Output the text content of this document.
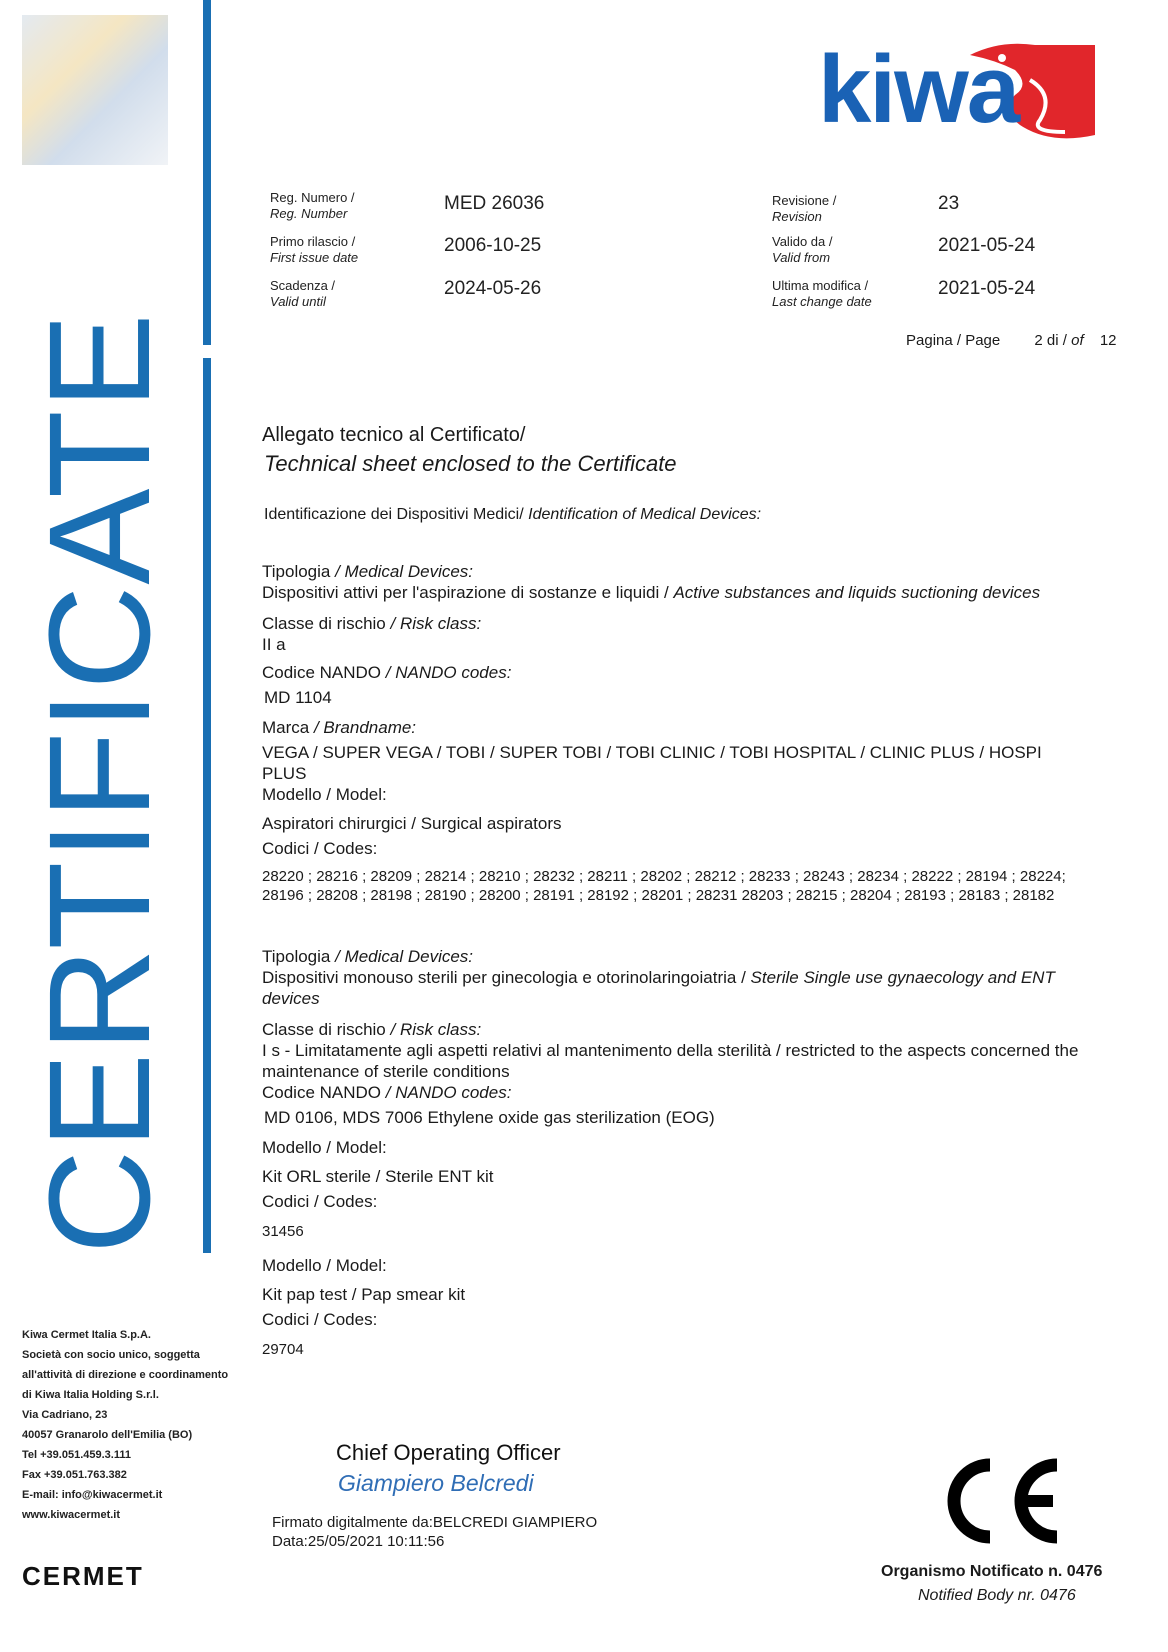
CERTIFICATE
kiwa
Reg. Numero /
Reg. Number	MED 26036
Primo rilascio /
First issue date
2006-10-25
Scadenza /
Valid until
2024-05-26
Revisione /
Revision
23
Valido da /
Valid from
2021-05-24
Ultima modifica /
Last change date
2021-05-24
Pagina / Page 2 di / of 12
Allegato tecnico al Certificato/
Technical sheet enclosed to the Certificate
Identificazione dei Dispositivi Medici/ Identification of Medical Devices:
Tipologia / Medical Devices:
Dispositivi attivi per l'aspirazione di sostanze e liquidi / Active substances and liquids suctioning devices
Classe di rischio / Risk class:
II a
Codice NANDO / NANDO codes:
MD 1104
Marca / Brandname:
VEGA / SUPER VEGA / TOBI / SUPER TOBI / TOBI CLINIC / TOBI HOSPITAL / CLINIC PLUS / HOSPI
PLUS
Modello / Model:
Aspiratori chirurgici / Surgical aspirators
Codici / Codes:
28220 ; 28216 ; 28209 ; 28214 ; 28210 ; 28232 ; 28211 ; 28202 ; 28212 ; 28233 ; 28243 ; 28234 ; 28222 ; 28194 ; 28224;
28196 ; 28208 ; 28198 ; 28190 ; 28200 ; 28191 ; 28192 ; 28201 ; 28231 28203 ; 28215 ; 28204 ; 28193 ; 28183 ; 28182
Tipologia / Medical Devices:
Dispositivi monouso sterili per ginecologia e otorinolaringoiatria / Sterile Single use gynaecology and ENT
devices
Classe di rischio / Risk class:
I s - Limitatamente agli aspetti relativi al mantenimento della sterilità / restricted to the aspects concerned the
maintenance of sterile conditions
Codice NANDO / NANDO codes:
MD 0106, MDS 7006 Ethylene oxide gas sterilization (EOG)
Modello / Model:
Kit ORL sterile / Sterile ENT kit
Codici / Codes:
31456
Modello / Model:
Kit pap test / Pap smear kit
Codici / Codes:
29704
Kiwa Cermet Italia S.p.A.
Società con socio unico, soggetta
all'attività di direzione e coordinamento
di Kiwa Italia Holding S.r.l.
Via Cadriano, 23
40057 Granarolo dell'Emilia (BO)
Tel +39.051.459.3.111
Fax +39.051.763.382
E-mail: info@kiwacermet.it
www.kiwacermet.it
CERMET
Chief Operating Officer
Giampiero Belcredi
Firmato digitalmente da:BELCREDI GIAMPIERO
Data:25/05/2021 10:11:56
Organismo Notificato n. 0476
Notified Body nr. 0476
